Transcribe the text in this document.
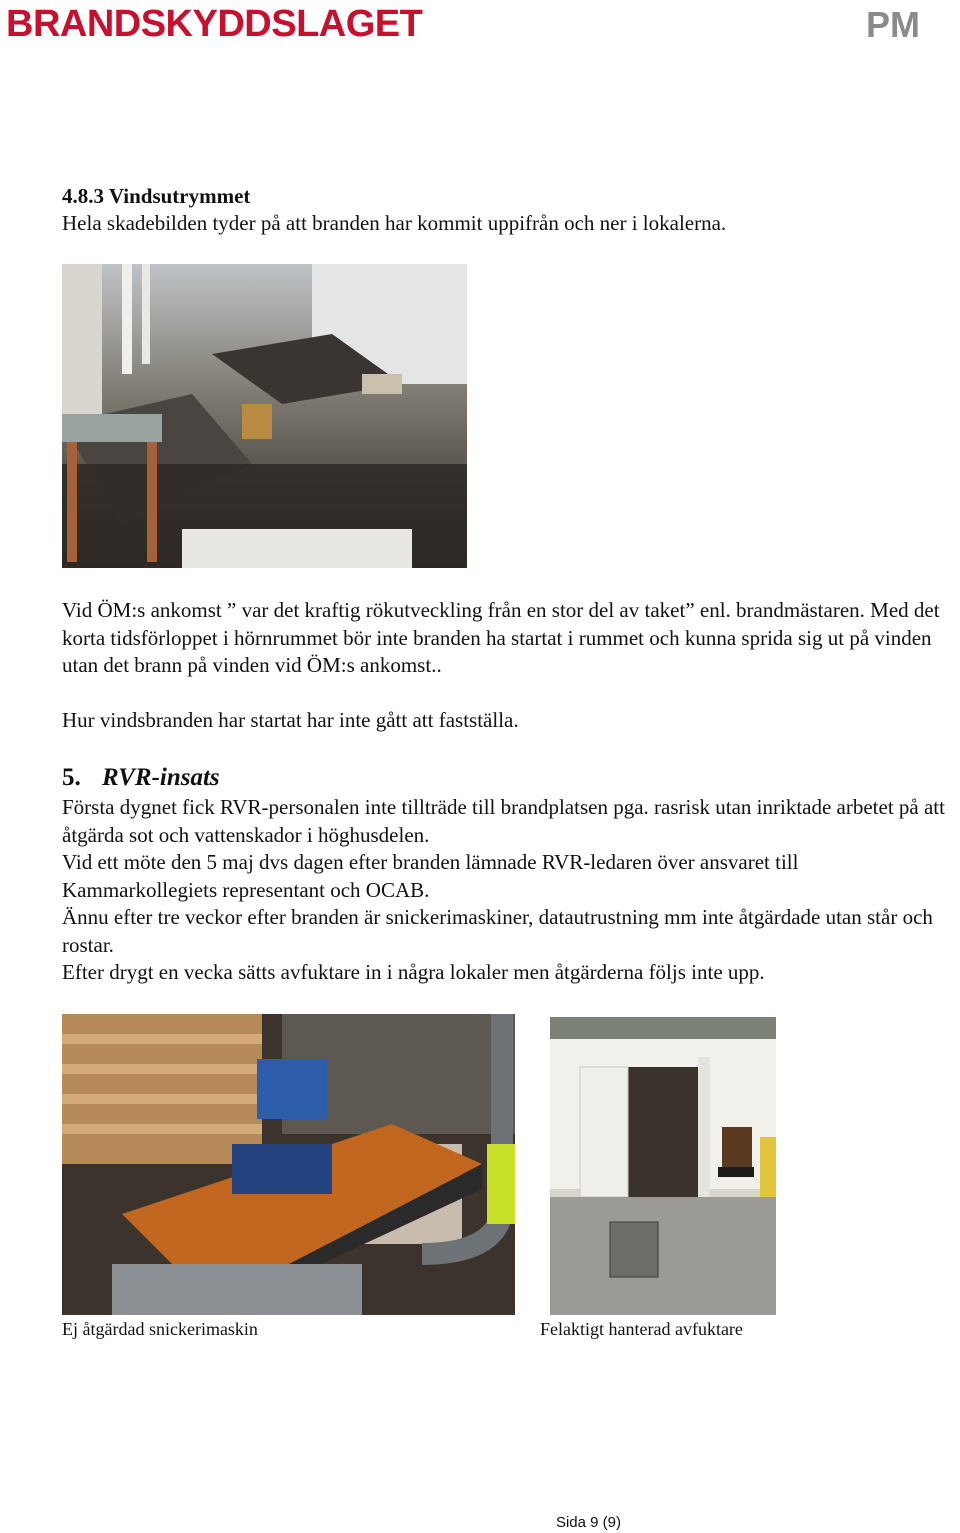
BRANDSKYDDSLAGET	PM
4.8.3 Vindsutrymmet

Hela skadebilden tyder på att branden har kommit uppifrån och ner i lokalerna.

Vid ÖM:s ankomst ” var det kraftig rökutveckling från en stor del av taket” enl. brandmästaren. Med det korta tidsförloppet i hörnrummet bör inte branden ha startat i rummet och kunna sprida sig ut på vinden utan det brann på vinden vid ÖM:s ankomst..

Hur vindsbranden har startat har inte gått att fastställa.

5. RVR-insats

Första dygnet fick RVR-personalen inte tillträde till brandplatsen pga. rasrisk utan inriktade arbetet på att åtgärda sot och vattenskador i höghusdelen.

Vid ett möte den 5 maj dvs dagen efter branden lämnade RVR-ledaren över ansvaret till Kammarkollegiets representant och OCAB.

Ännu efter tre veckor efter branden är snickerimaskiner, datautrustning mm inte åtgärdade utan står och rostar.

Efter drygt en vecka sätts avfuktare in i några lokaler men åtgärderna följs inte upp.

Ej åtgärdad snickerimaskin	Felaktigt hanterad avfuktare
Sida 9 (9)
